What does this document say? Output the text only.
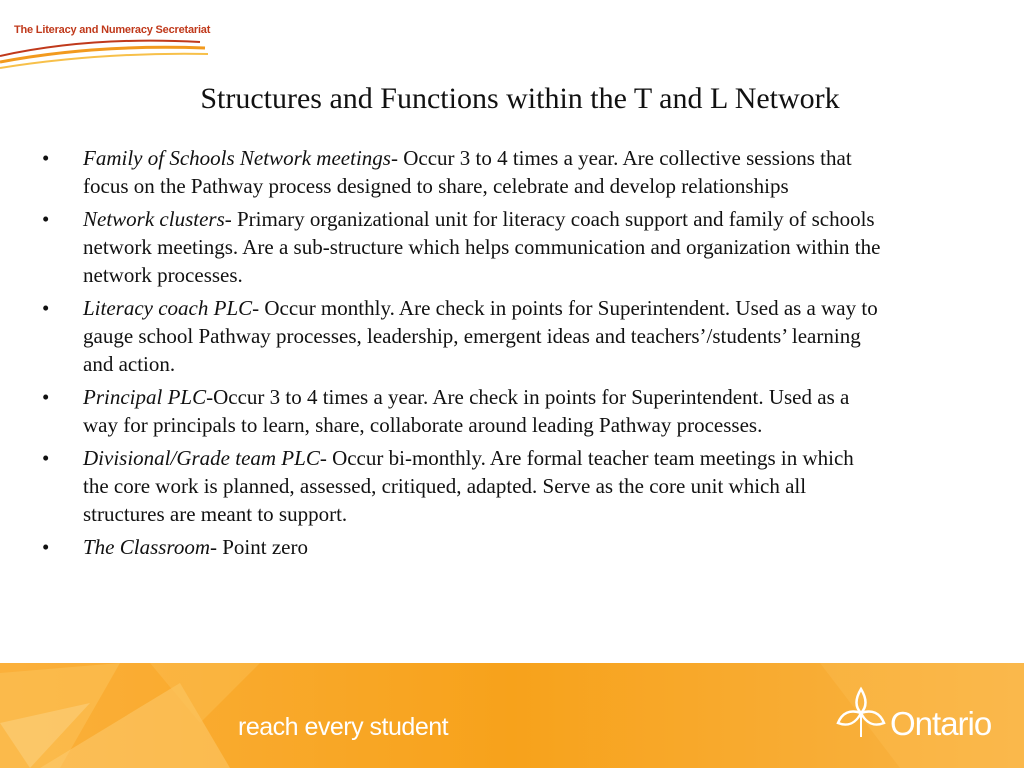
The Literacy and Numeracy Secretariat
Structures and Functions within the T and L Network
• Family of Schools Network meetings- Occur 3 to 4 times a year. Are collective sessions that focus on the Pathway process designed to share, celebrate and develop relationships
• Network clusters- Primary organizational unit for literacy coach support and family of schools network meetings. Are a sub-structure which helps communication and organization within the network processes.
• Literacy coach PLC- Occur monthly. Are check in points for Superintendent. Used as a way to gauge school Pathway processes, leadership, emergent ideas and teachers’/students’ learning and action.
• Principal PLC-Occur 3 to 4 times a year. Are check in points for Superintendent. Used as a way for principals to learn, share, collaborate around leading Pathway processes.
• Divisional/Grade team PLC- Occur bi-monthly. Are formal teacher team meetings in which the core work is planned, assessed, critiqued, adapted. Serve as the core unit which all structures are meant to support.
• The Classroom- Point zero
reach every student	Ontario
